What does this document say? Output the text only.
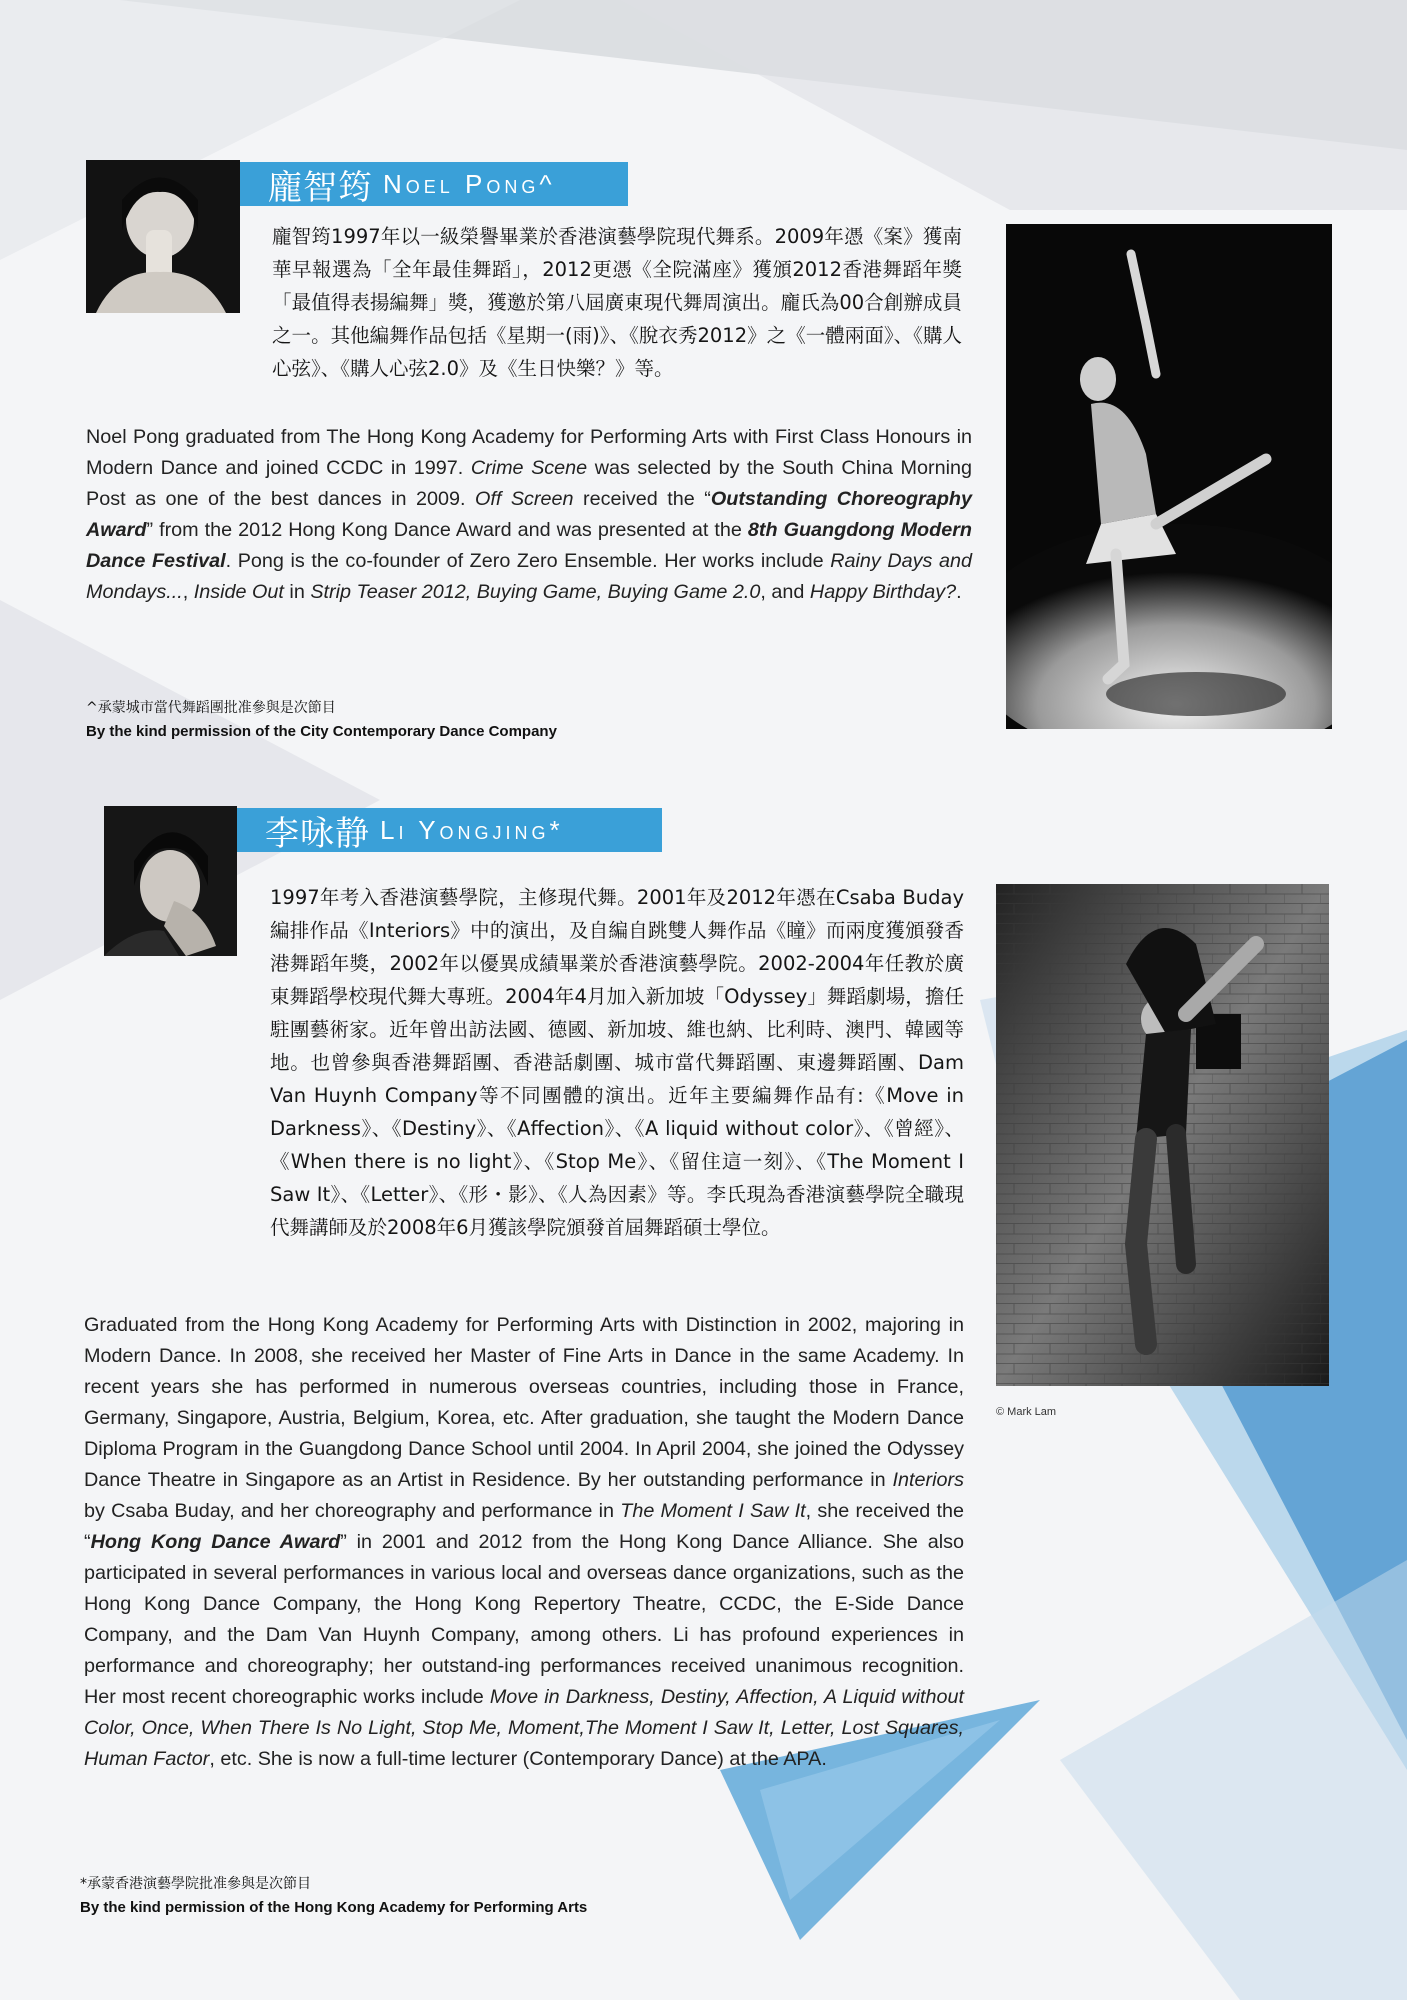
龐智筠 Noel Pong^
龐智筠1997年以一級榮譽畢業於香港演藝學院現代舞系。2009年憑《案》獲南華早報選為「全年最佳舞蹈」，2012更憑《全院滿座》獲頒2012香港舞蹈年獎「最值得表揚編舞」獎，獲邀於第八屆廣東現代舞周演出。龐氏為00合創辦成員之一。其他編舞作品包括《星期一(雨)》、《脫衣秀2012》之《一體兩面》、《購人心弦》、《購人心弦2.0》及《生日快樂？》等。
Noel Pong graduated from The Hong Kong Academy for Performing Arts with First Class Honours in Modern Dance and joined CCDC in 1997. Crime Scene was selected by the South China Morning Post as one of the best dances in 2009. Off Screen received the “Outstanding Choreography Award” from the 2012 Hong Kong Dance Award and was presented at the 8th Guangdong Modern Dance Festival. Pong is the co-founder of Zero Zero Ensemble. Her works include Rainy Days and Mondays..., Inside Out in Strip Teaser 2012, Buying Game, Buying Game 2.0, and Happy Birthday?.
^承蒙城市當代舞蹈團批准參與是次節目
By the kind permission of the City Contemporary Dance Company
李咏静 Li Yongjing*
1997年考入香港演藝學院，主修現代舞。2001年及2012年憑在Csaba Buday編排作品《Interiors》中的演出，及自編自跳雙人舞作品《瞳》而兩度獲頒發香港舞蹈年獎，2002年以優異成績畢業於香港演藝學院。2002-2004年任教於廣東舞蹈學校現代舞大專班。2004年4月加入新加坡「Odyssey」舞蹈劇場，擔任駐團藝術家。近年曾出訪法國、德國、新加坡、維也納、比利時、澳門、韓國等地。也曾參與香港舞蹈團、香港話劇團、城市當代舞蹈團、東邊舞蹈團、Dam Van Huynh Company等不同團體的演出。近年主要編舞作品有:《Move in Darkness》、《Destiny》、《Affection》、《A liquid without color》、《曾經》、《When there is no light》、《Stop Me》、《留住這一刻》、《The Moment I Saw It》、《Letter》、《形・影》、《人為因素》等。李氏現為香港演藝學院全職現代舞講師及於2008年6月獲該學院頒發首屆舞蹈碩士學位。
© Mark Lam
Graduated from the Hong Kong Academy for Performing Arts with Distinction in 2002, majoring in Modern Dance. In 2008, she received her Master of Fine Arts in Dance in the same Academy. In recent years she has performed in numerous overseas countries, including those in France, Germany, Singapore, Austria, Belgium, Korea, etc. After graduation, she taught the Modern Dance Diploma Program in the Guangdong Dance School until 2004. In April 2004, she joined the Odyssey Dance Theatre in Singapore as an Artist in Residence. By her outstanding performance in Interiors by Csaba Buday, and her choreography and performance in The Moment I Saw It, she received the “Hong Kong Dance Award” in 2001 and 2012 from the Hong Kong Dance Alliance. She also participated in several performances in various local and overseas dance organizations, such as the Hong Kong Dance Company, the Hong Kong Repertory Theatre, CCDC, the E-Side Dance Company, and the Dam Van Huynh Company, among others. Li has profound experiences in performance and choreography; her outstand-ing performances received unanimous recognition. Her most recent choreographic works include Move in Darkness, Destiny, Affection, A Liquid without Color, Once, When There Is No Light, Stop Me, Moment,The Moment I Saw It, Letter, Lost Squares, Human Factor, etc. She is now a full-time lecturer (Contemporary Dance) at the APA.
*承蒙香港演藝學院批准參與是次節目
By the kind permission of the Hong Kong Academy for Performing Arts
